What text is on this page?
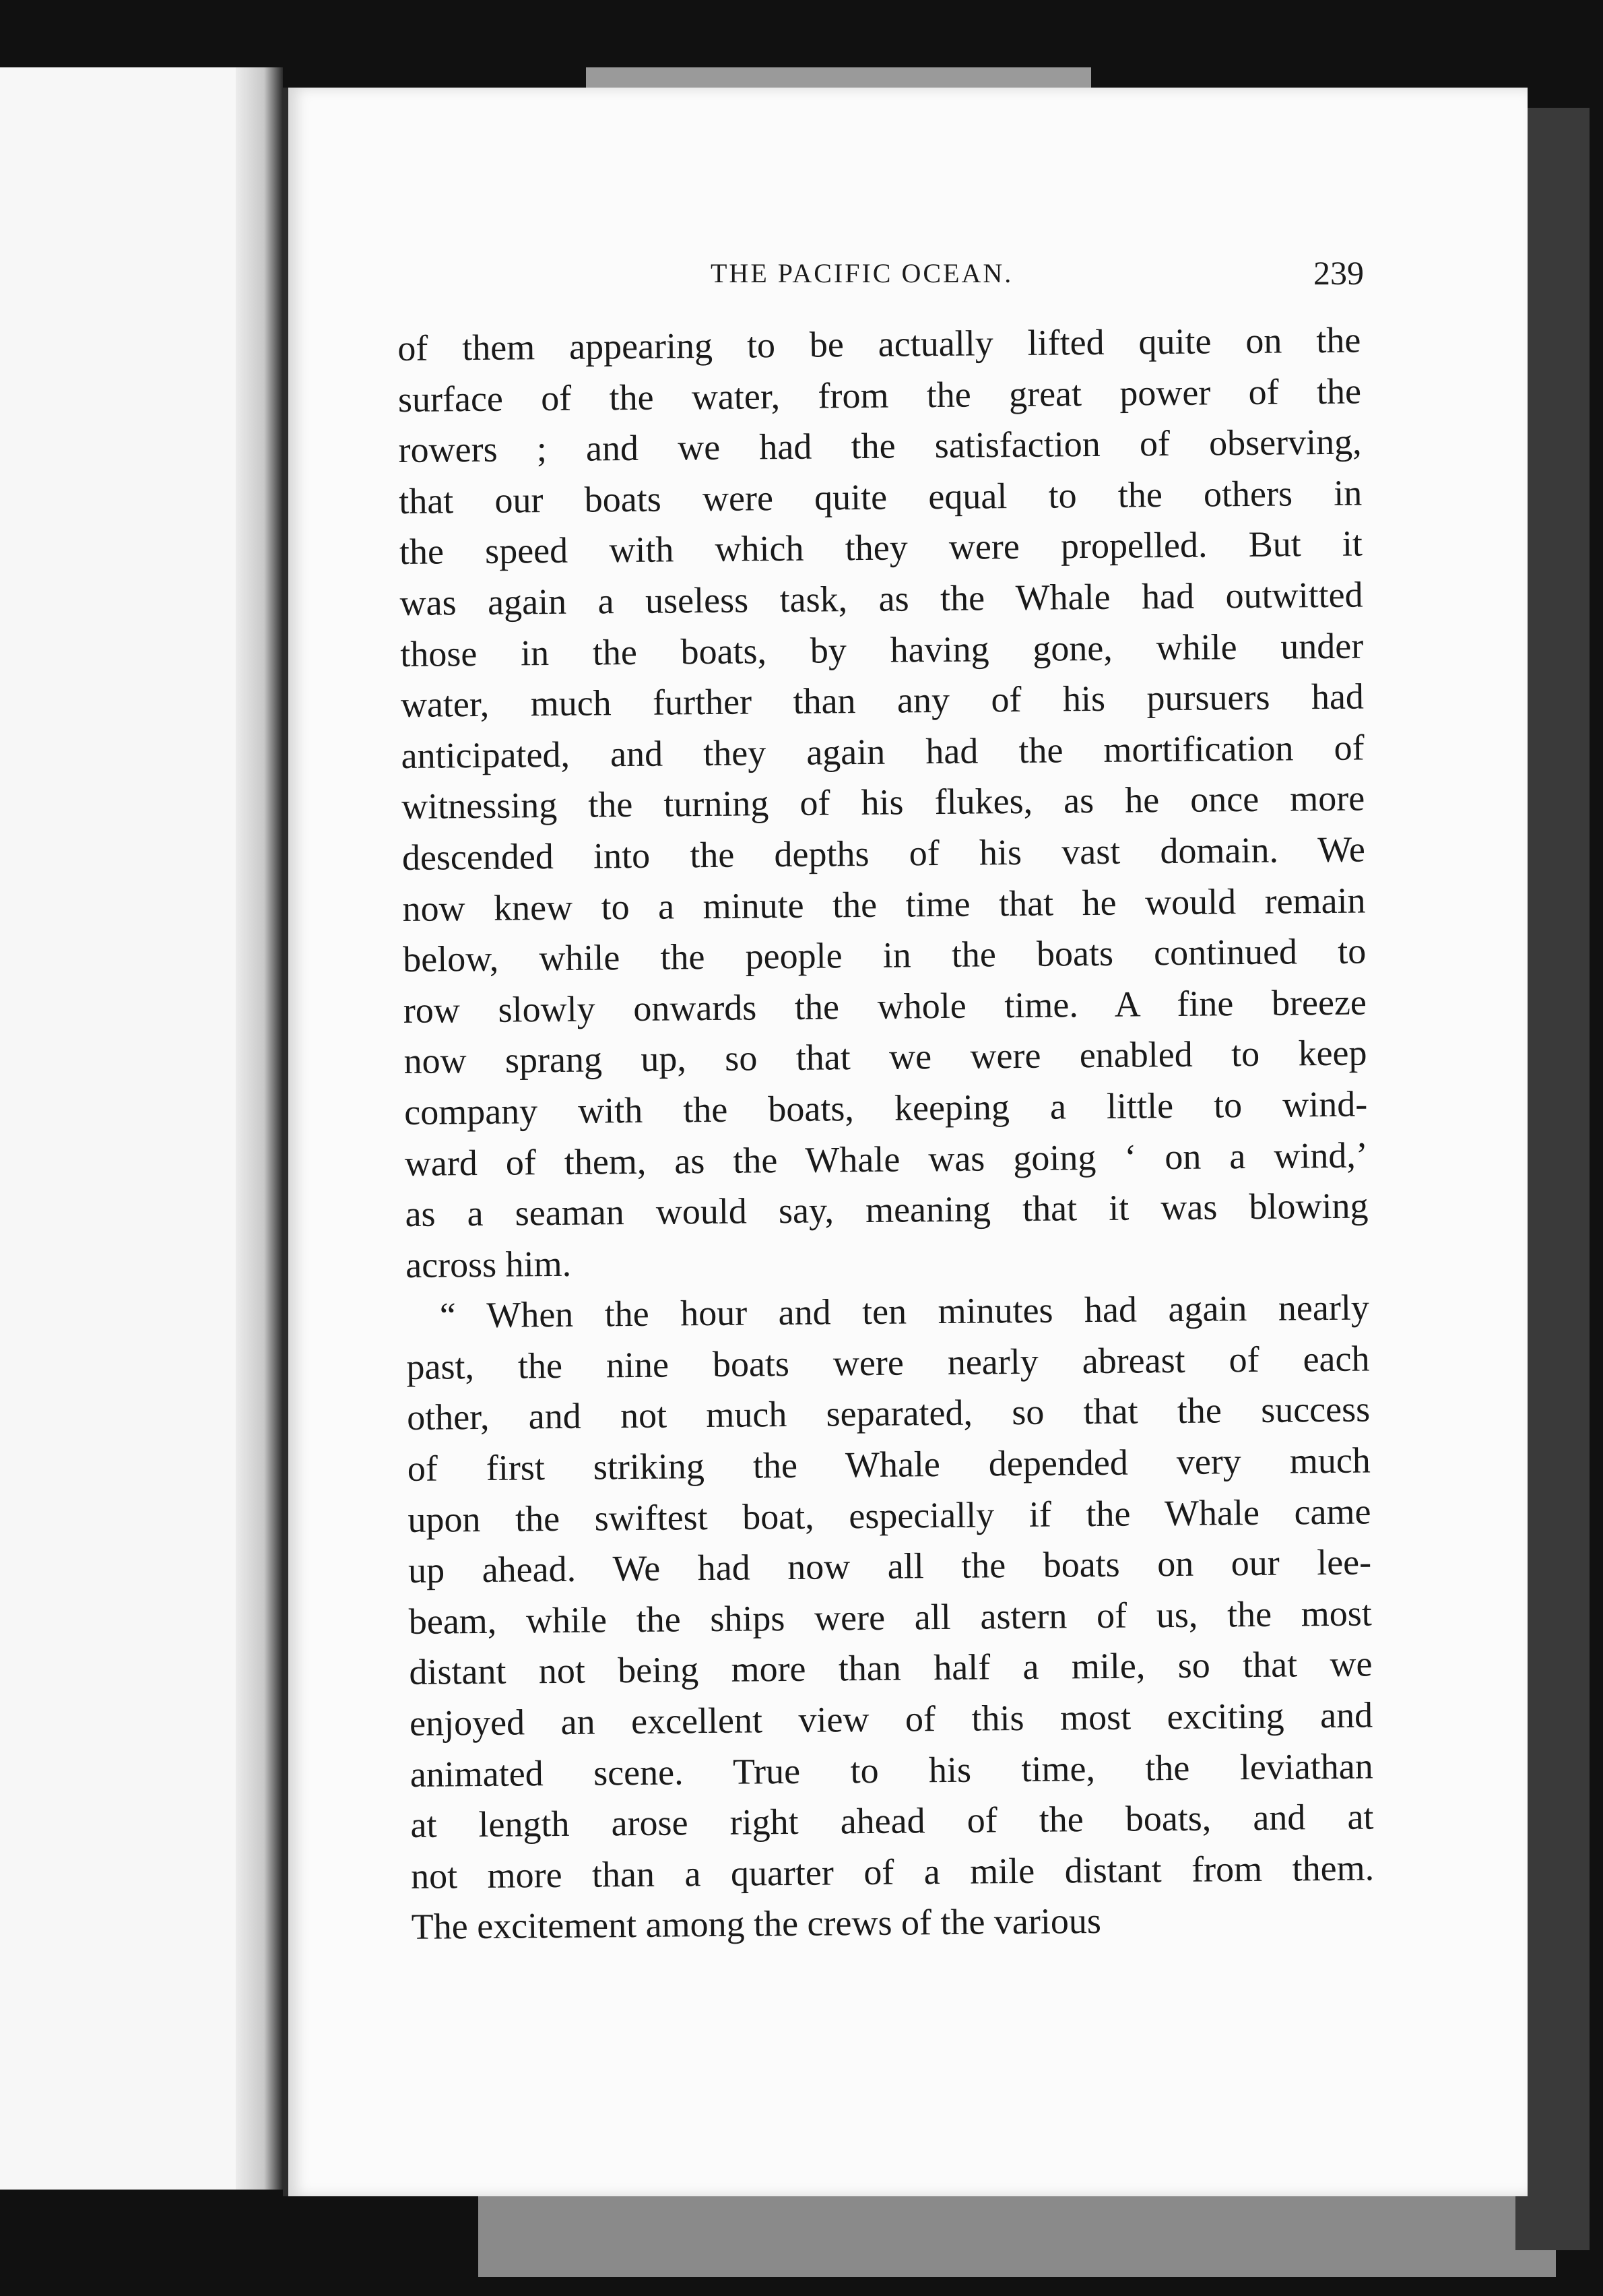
THE PACIFIC OCEAN.	239
of them appearing to be actually lifted quite on the
surface of the water, from the great power of the
rowers ; and we had the satisfaction of observing,
that our boats were quite equal to the others in
the speed with which they were propelled. But it
was again a useless task, as the Whale had outwitted
those in the boats, by having gone, while under
water, much further than any of his pursuers had
anticipated, and they again had the mortification of
witnessing the turning of his flukes, as he once more
descended into the depths of his vast domain. We
now knew to a minute the time that he would remain
below, while the people in the boats continued to
row slowly onwards the whole time. A fine breeze
now sprang up, so that we were enabled to keep
company with the boats, keeping a little to wind-
ward of them, as the Whale was going ‘ on a wind,’
as a seaman would say, meaning that it was blowing
across him.
“ When the hour and ten minutes had again nearly
past, the nine boats were nearly abreast of each
other, and not much separated, so that the success
of first striking the Whale depended very much
upon the swiftest boat, especially if the Whale came
up ahead. We had now all the boats on our lee-
beam, while the ships were all astern of us, the most
distant not being more than half a mile, so that we
enjoyed an excellent view of this most exciting and
animated scene. True to his time, the leviathan
at length arose right ahead of the boats, and at
not more than a quarter of a mile distant from them.
The excitement among the crews of the various
